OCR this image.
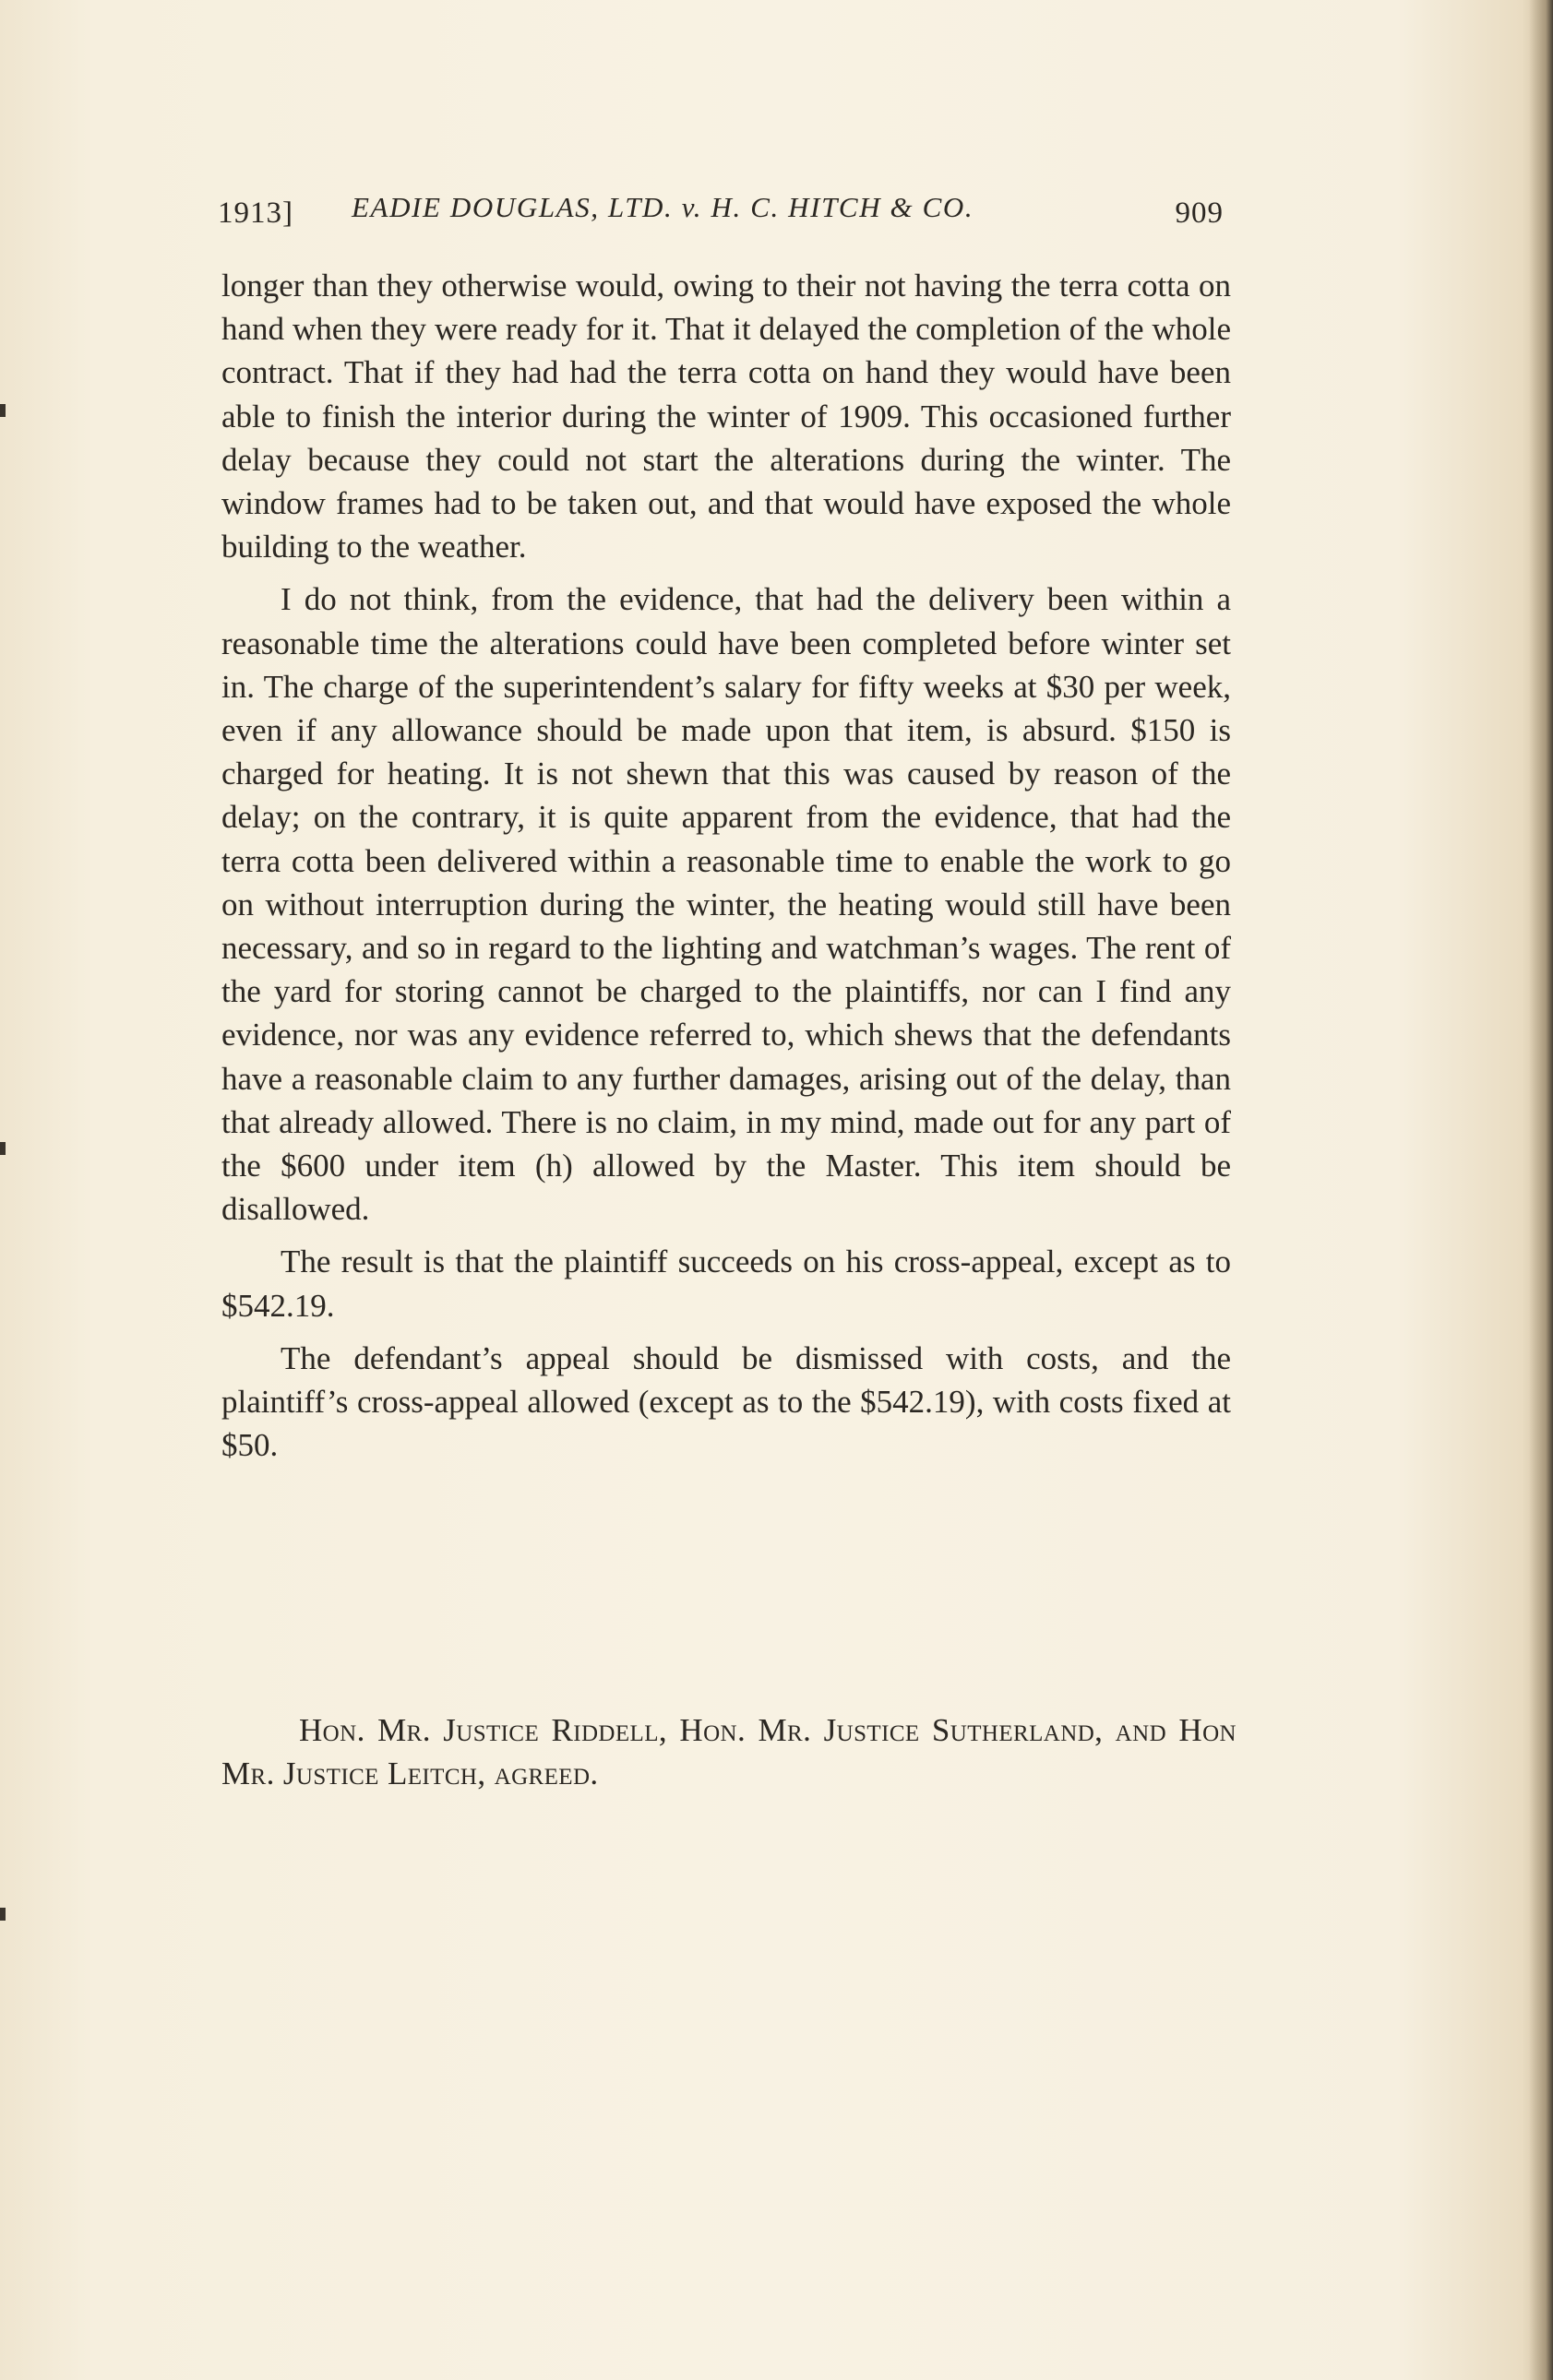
1913] EADIE DOUGLAS, LTD. v. H. C. HITCH & CO.	909

longer than they otherwise would, owing to their not having the terra cotta on hand when they were ready for it. That it delayed the completion of the whole contract. That if they had had the terra cotta on hand they would have been able to finish the interior during the winter of 1909. This occasioned further delay because they could not start the alterations during the winter. The window frames had to be taken out, and that would have exposed the whole building to the weather.

I do not think, from the evidence, that had the delivery been within a reasonable time the alterations could have been completed before winter set in. The charge of the superintendent’s salary for fifty weeks at $30 per week, even if any allowance should be made upon that item, is absurd. $150 is charged for heating. It is not shewn that this was caused by reason of the delay; on the contrary, it is quite apparent from the evidence, that had the terra cotta been delivered within a reasonable time to enable the work to go on without interruption during the winter, the heating would still have been necessary, and so in regard to the lighting and watchman’s wages. The rent of the yard for storing cannot be charged to the plaintiffs, nor can I find any evidence, nor was any evidence referred to, which shews that the defendants have a reasonable claim to any further damages, arising out of the delay, than that already allowed. There is no claim, in my mind, made out for any part of the $600 under item (h) allowed by the Master. This item should be disallowed.

The result is that the plaintiff succeeds on his cross-appeal, except as to $542.19.

The defendant’s appeal should be dismissed with costs, and the plaintiff’s cross-appeal allowed (except as to the $542.19), with costs fixed at $50.

Hon. Mr. Justice Riddell, Hon. Mr. Justice Sutherland, and Hon Mr. Justice Leitch, agreed.
